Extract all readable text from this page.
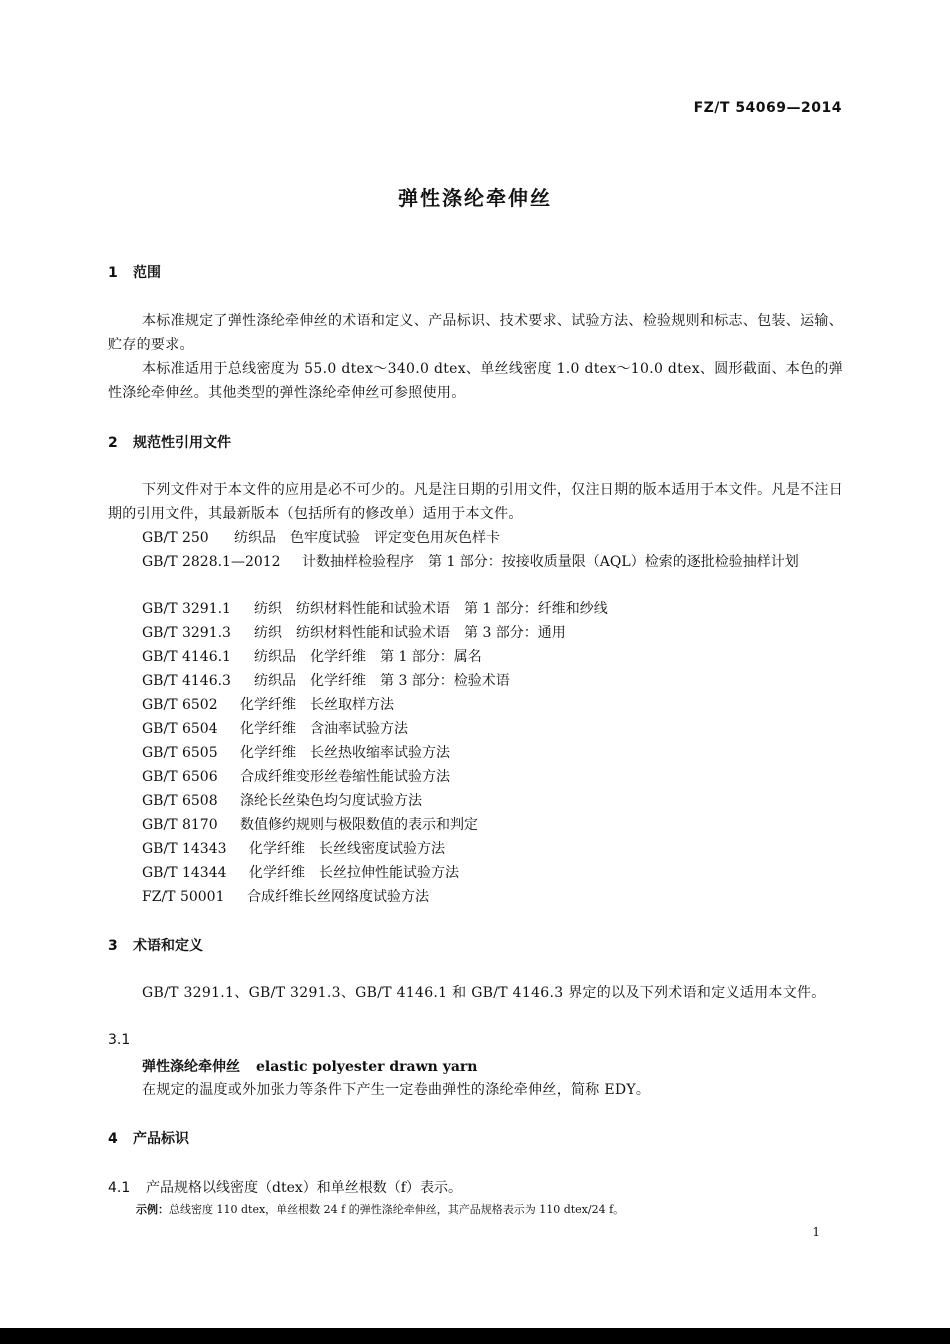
FZ/T 54069—2014
弹性涤纶牵伸丝
1 范围
本标准规定了弹性涤纶牵伸丝的术语和定义、产品标识、技术要求、试验方法、检验规则和标志、包装、运输、贮存的要求。
本标准适用于总线密度为 55.0 dtex～340.0 dtex、单丝线密度 1.0 dtex～10.0 dtex、圆形截面、本色的弹性涤纶牵伸丝。其他类型的弹性涤纶牵伸丝可参照使用。
2 规范性引用文件
下列文件对于本文件的应用是必不可少的。凡是注日期的引用文件，仅注日期的版本适用于本文件。凡是不注日期的引用文件，其最新版本（包括所有的修改单）适用于本文件。
GB/T 250 纺织品　色牢度试验　评定变色用灰色样卡
GB/T 2828.1—2012 计数抽样检验程序　第 1 部分：按接收质量限（AQL）检索的逐批检验抽样计划
GB/T 3291.1 纺织　纺织材料性能和试验术语　第 1 部分：纤维和纱线
GB/T 3291.3 纺织　纺织材料性能和试验术语　第 3 部分：通用
GB/T 4146.1 纺织品　化学纤维　第 1 部分：属名
GB/T 4146.3 纺织品　化学纤维　第 3 部分：检验术语
GB/T 6502 化学纤维　长丝取样方法
GB/T 6504 化学纤维　含油率试验方法
GB/T 6505 化学纤维　长丝热收缩率试验方法
GB/T 6506 合成纤维变形丝卷缩性能试验方法
GB/T 6508 涤纶长丝染色均匀度试验方法
GB/T 8170 数值修约规则与极限数值的表示和判定
GB/T 14343 化学纤维　长丝线密度试验方法
GB/T 14344 化学纤维　长丝拉伸性能试验方法
FZ/T 50001 合成纤维长丝网络度试验方法
3 术语和定义
GB/T 3291.1、GB/T 3291.3、GB/T 4146.1 和 GB/T 4146.3 界定的以及下列术语和定义适用本文件。
3.1
弹性涤纶牵伸丝 elastic polyester drawn yarn
在规定的温度或外加张力等条件下产生一定卷曲弹性的涤纶牵伸丝，简称 EDY。
4 产品标识
4.1 产品规格以线密度（dtex）和单丝根数（f）表示。
示例：总线密度 110 dtex，单丝根数 24 f 的弹性涤纶牵伸丝，其产品规格表示为 110 dtex/24 f。
1
